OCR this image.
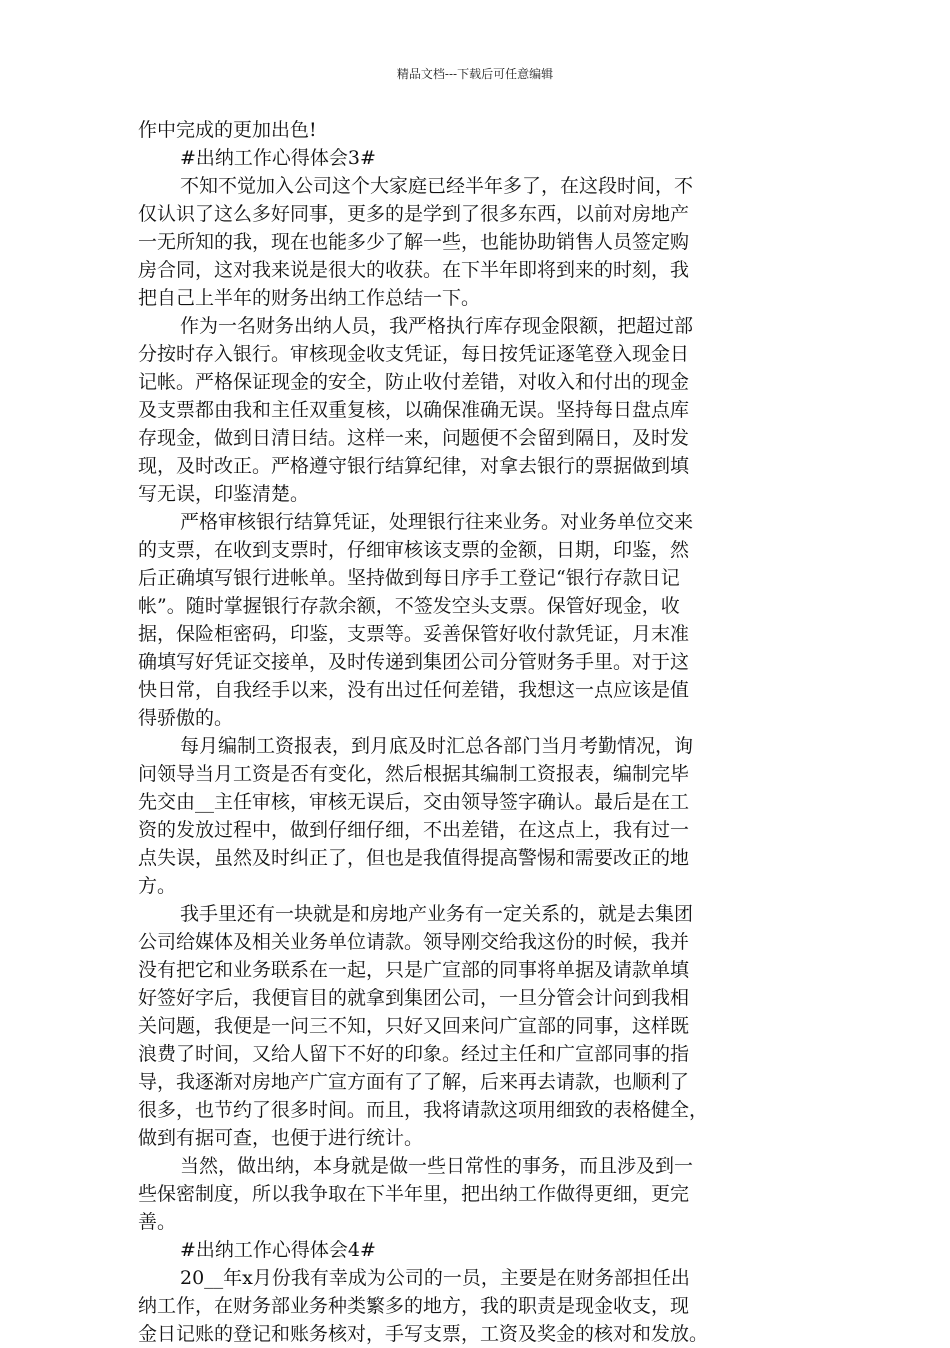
精品文档---下载后可任意编辑
作中完成的更加出色!
#出纳工作心得体会3#
不知不觉加入公司这个大家庭已经半年多了，在这段时间，不
仅认识了这么多好同事，更多的是学到了很多东西，以前对房地产
一无所知的我，现在也能多少了解一些，也能协助销售人员签定购
房合同，这对我来说是很大的收获。在下半年即将到来的时刻，我
把自己上半年的财务出纳工作总结一下。
作为一名财务出纳人员，我严格执行库存现金限额，把超过部
分按时存入银行。审核现金收支凭证，每日按凭证逐笔登入现金日
记帐。严格保证现金的安全，防止收付差错，对收入和付出的现金
及支票都由我和主任双重复核，以确保准确无误。坚持每日盘点库
存现金，做到日清日结。这样一来，问题便不会留到隔日，及时发
现，及时改正。严格遵守银行结算纪律，对拿去银行的票据做到填
写无误，印鉴清楚。
严格审核银行结算凭证，处理银行往来业务。对业务单位交来
的支票，在收到支票时，仔细审核该支票的金额，日期，印鉴，然
后正确填写银行进帐单。坚持做到每日序手工登记“银行存款日记
帐”。随时掌握银行存款余额，不签发空头支票。保管好现金，收
据，保险柜密码，印鉴，支票等。妥善保管好收付款凭证，月末准
确填写好凭证交接单，及时传递到集团公司分管财务手里。对于这
快日常，自我经手以来，没有出过任何差错，我想这一点应该是值
得骄傲的。
每月编制工资报表，到月底及时汇总各部门当月考勤情况，询
问领导当月工资是否有变化，然后根据其编制工资报表，编制完毕
先交由__主任审核，审核无误后，交由领导签字确认。最后是在工
资的发放过程中，做到仔细仔细，不出差错，在这点上，我有过一
点失误，虽然及时纠正了，但也是我值得提高警惕和需要改正的地
方。
我手里还有一块就是和房地产业务有一定关系的，就是去集团
公司给媒体及相关业务单位请款。领导刚交给我这份的时候，我并
没有把它和业务联系在一起，只是广宣部的同事将单据及请款单填
好签好字后，我便盲目的就拿到集团公司，一旦分管会计问到我相
关问题，我便是一问三不知，只好又回来问广宣部的同事，这样既
浪费了时间，又给人留下不好的印象。经过主任和广宣部同事的指
导，我逐渐对房地产广宣方面有了了解，后来再去请款，也顺利了
很多，也节约了很多时间。而且，我将请款这项用细致的表格健全，
做到有据可查，也便于进行统计。
当然，做出纳，本身就是做一些日常性的事务，而且涉及到一
些保密制度，所以我争取在下半年里，把出纳工作做得更细，更完
善。
#出纳工作心得体会4#
20__年x月份我有幸成为公司的一员，主要是在财务部担任出
纳工作，在财务部业务种类繁多的地方，我的职责是现金收支，现
金日记账的登记和账务核对，手写支票，工资及奖金的核对和发放。
